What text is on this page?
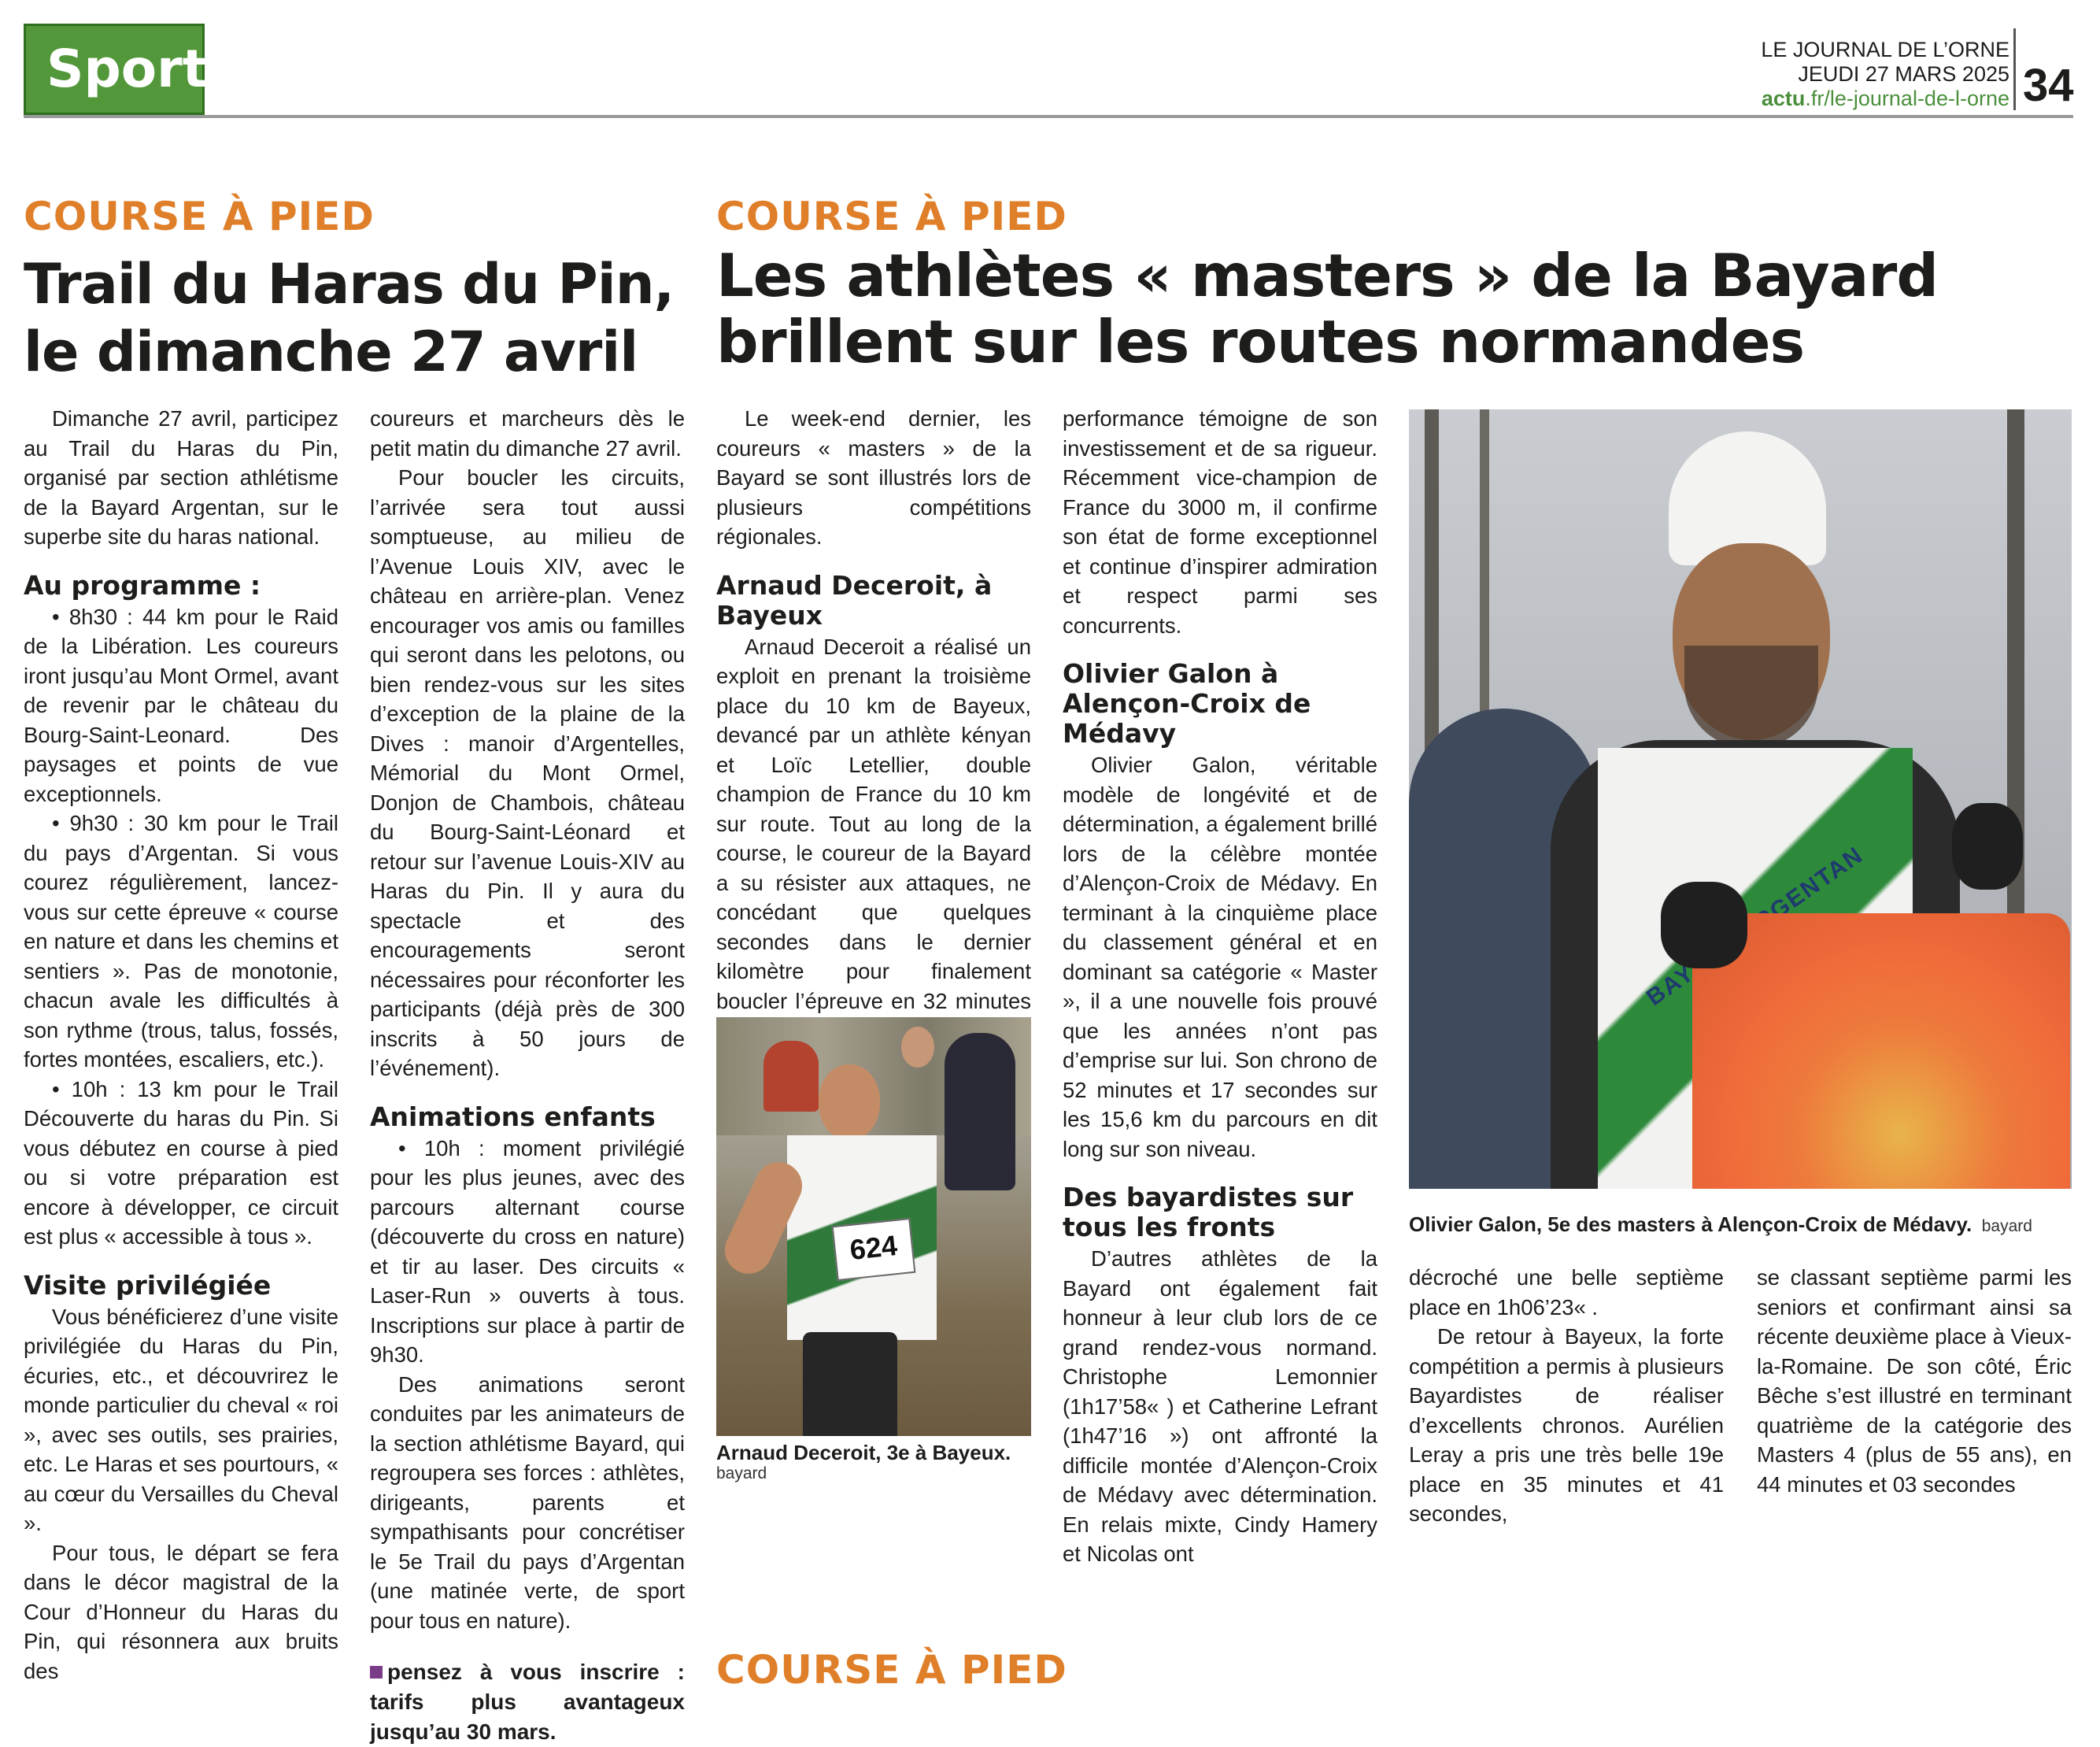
Sport	LE JOURNAL DE L’ORNE
JEUDI 27 MARS 2025
actu.fr/le-journal-de-l-orne 34
COURSE À PIED
Trail du Haras du Pin,
le dimanche 27 avril

Dimanche 27 avril, participez au Trail du Haras du Pin, organisé par section athlétisme de la Bayard Argentan, sur le superbe site du haras national.

Au programme :

• 8h30 : 44 km pour le Raid de la Libération. Les coureurs iront jusqu’au Mont Ormel, avant de revenir par le château du Bourg-Saint-Leonard. Des paysages et points de vue exceptionnels.

• 9h30 : 30 km pour le Trail du pays d’Argentan. Si vous courez régulièrement, lancez-vous sur cette épreuve « course en nature et dans les chemins et sentiers ». Pas de monotonie, chacun avale les difficultés à son rythme (trous, talus, fossés, fortes montées, escaliers, etc.).

• 10h : 13 km pour le Trail Découverte du haras du Pin. Si vous débutez en course à pied ou si votre préparation est encore à développer, ce circuit est plus « accessible à tous ».

Visite privilégiée

Vous bénéficierez d’une visite privilégiée du Haras du Pin, écuries, etc., et découvrirez le monde particulier du cheval « roi », avec ses outils, ses prairies, etc. Le Haras et ses pourtours, « au cœur du Versailles du Cheval ».

Pour tous, le départ se fera dans le décor magistral de la Cour d’Honneur du Haras du Pin, qui résonnera aux bruits des

coureurs et marcheurs dès le petit matin du dimanche 27 avril.

Pour boucler les circuits, l’arrivée sera tout aussi somptueuse, au milieu de l’Avenue Louis XIV, avec le château en arrière-plan. Venez encourager vos amis ou familles qui seront dans les pelotons, ou bien rendez-vous sur les sites d’exception de la plaine de la Dives : manoir d’Argentelles, Mémorial du Mont Ormel, Donjon de Chambois, château du Bourg-Saint-Léonard et retour sur l’avenue Louis-XIV au Haras du Pin. Il y aura du spectacle et des encouragements seront nécessaires pour réconforter les participants (déjà près de 300 inscrits à 50 jours de l’événement).

Animations enfants

• 10h : moment privilégié pour les plus jeunes, avec des parcours alternant course (découverte du cross en nature) et tir au laser. Des circuits « Laser-Run » ouverts à tous. Inscriptions sur place à partir de 9h30.

Des animations seront conduites par les animateurs de la section athlétisme Bayard, qui regroupera ses forces : athlètes, dirigeants, parents et sympathisants pour concrétiser le 5e Trail du pays d’Argentan (une matinée verte, de sport pour tous en nature).

pensez à vous inscrire : tarifs plus avantageux jusqu’au 30 mars.
COURSE À PIED
Les athlètes « masters » de la Bayard
brillent sur les routes normandes

Le week-end dernier, les coureurs « masters » de la Bayard se sont illustrés lors de plusieurs compétitions régionales.

Arnaud Deceroit, à Bayeux

Arnaud Deceroit a réalisé un exploit en prenant la troisième place du 10 km de Bayeux, devancé par un athlète kényan et Loïc Letellier, double champion de France du 10 km sur route. Tout au long de la course, le coureur de la Bayard a su résister aux attaques, ne concédant que quelques secondes dans le dernier kilomètre pour finalement boucler l’épreuve en 32 minutes

624
Arnaud Deceroit, 3e à Bayeux.
bayard

performance témoigne de son investissement et de sa rigueur. Récemment vice-champion de France du 3000 m, il confirme son état de forme exceptionnel et continue d’inspirer admiration et respect parmi ses concurrents.

Olivier Galon à Alençon-Croix de Médavy

Olivier Galon, véritable modèle de longévité et de détermination, a également brillé lors de la célèbre montée d’Alençon-Croix de Médavy. En terminant à la cinquième place du classement général et en dominant sa catégorie « Master », il a une nouvelle fois prouvé que les années n’ont pas d’emprise sur lui. Son chrono de 52 minutes et 17 secondes sur les 15,6 km du parcours en dit long sur son niveau.

Des bayardistes sur tous les fronts

D’autres athlètes de la Bayard ont également fait honneur à leur club lors de ce grand rendez-vous normand. Christophe Lemonnier (1h17’58« ) et Catherine Lefrant (1h47’16 ») ont affronté la difficile montée d’Alençon-Croix de Médavy avec détermination. En relais mixte, Cindy Hamery et Nicolas ont

ARGENTAN
Olivier Galon, 5e des masters à Alençon-Croix de Médavy. bayard

décroché une belle septième place en 1h06’23« .

De retour à Bayeux, la forte compétition a permis à plusieurs Bayardistes de réaliser d’excellents chronos. Aurélien Leray a pris une très belle 19e place en 35 minutes et 41 secondes,

se classant septième parmi les seniors et confirmant ainsi sa récente deuxième place à Vieux-la-Romaine. De son côté, Éric Bêche s’est illustré en terminant quatrième de la catégorie des Masters 4 (plus de 55 ans), en 44 minutes et 03 secondes

COURSE À PIED
